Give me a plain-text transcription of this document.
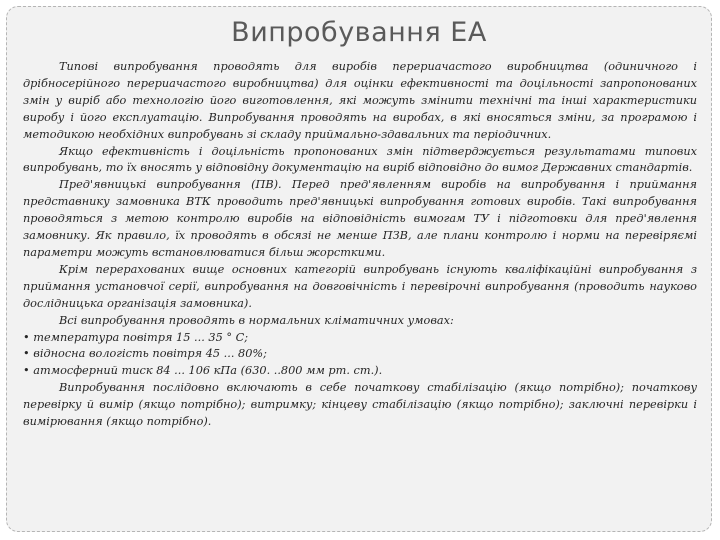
Випробування ЕА

Типові випробування проводять для виробів перериачастого виробництва (одиничного і дрібносерійного перериачастого виробництва) для оцінки ефективності та доцільності запропонованих змін у виріб або технологію його виготовлення, які можуть змінити технічні та інші характеристики виробу і його експлуатацію. Випробування проводять на виробах, в які вносяться зміни, за програмою і методикою необхідних випробувань зі складу приймально-здавальних та періодичних.

Якщо ефективність і доцільність пропонованих змін підтверджується результатами типових випробувань, то їх вносять у відповідну документацію на виріб відповідно до вимог Державних стандартів.

Пред'явницькі випробування (ПВ). Перед пред'явленням виробів на випробування і приймання представнику замовника ВТК проводить пред'явницькі випробування готових виробів. Такі випробування проводяться з метою контролю виробів на відповідність вимогам ТУ і підготовки для пред'явлення замовнику. Як правило, їх проводять в обсязі не менше ПЗВ, але плани контролю і норми на перевіряємі параметри можуть встановлюватися більш жорсткими.

Крім перерахованих вище основних категорій випробувань існують кваліфікаційні випробування з приймання установчої серії, випробування на довговічність і перевірочні випробування (проводить науково дослідницька організація замовника).

Всі випробування проводять в нормальних кліматичних умовах:

• температура повітря 15 ... 35 ° C;

• відносна вологість повітря 45 ... 80%;

• атмосферний тиск 84 ... 106 кПа (630. ..800 мм рт. ст.).

Випробування послідовно включають в себе початкову стабілізацію (якщо потрібно); початкову перевірку й вимір (якщо потрібно); витримку; кінцеву стабілізацію (якщо потрібно); заключні перевірки і вимірювання (якщо потрібно).
